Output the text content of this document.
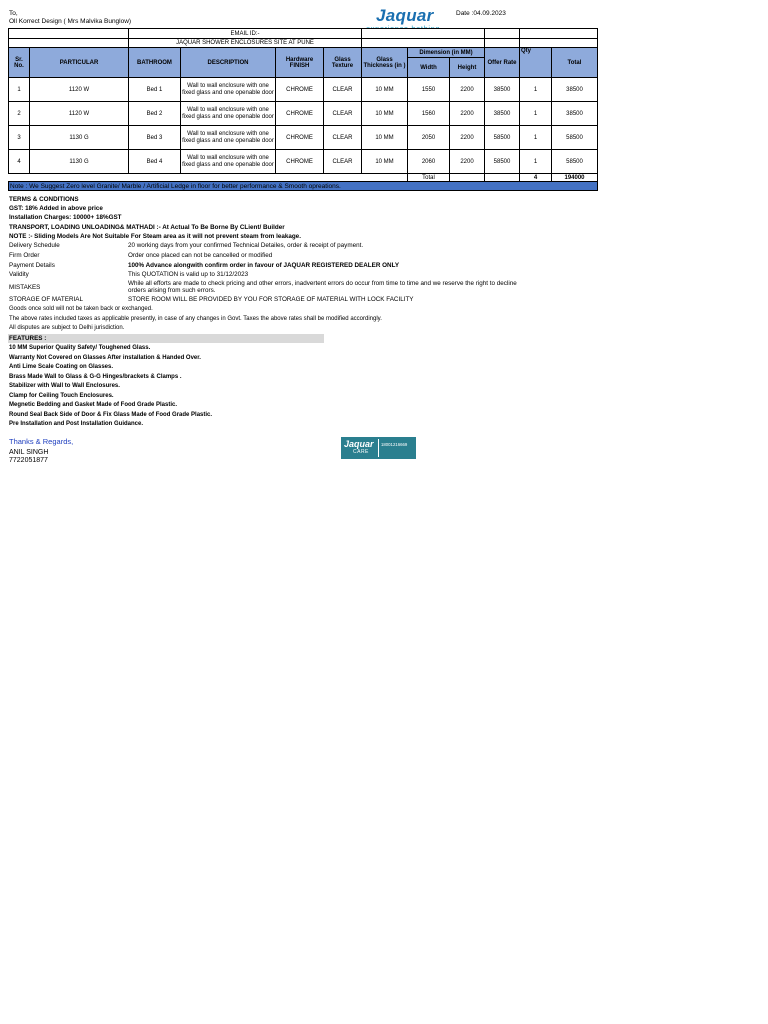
To,
Oll Korrect Design ( Mrs Malvika Bunglow)	Jaquar	Date :04.09.2023
		EMAIL ID:-									
		JAQUAR SHOWER ENCLOSURES SITE AT PUNE									
Sr. No.	PARTICULAR	BATHROOM	DESCRIPTION	Hardware FINISH	Glass Texture	Glass Thickness (in )	Dimension (in MM)		Offer Rate	Qty	Total
							Width	Height			
1	1120 W	Bed 1	Wall to wall enclosure with one fixed glass and one openable door	CHROME	CLEAR	10 MM	1550	2200	38500	1	38500
2	1120 W	Bed 2	Wall to wall enclosure with one fixed glass and one openable door	CHROME	CLEAR	10 MM	1560	2200	38500	1	38500
3	1130 G	Bed 3	Wall to wall enclosure with one fixed glass and one openable door	CHROME	CLEAR	10 MM	2050	2200	58500	1	58500
4	1130 G	Bed 4	Wall to wall enclosure with one fixed glass and one openable door	CHROME	CLEAR	10 MM	2060	2200	58500	1	58500
							Total			4	194000
Note : We Suggest Zero level Granite/ Marble / Artificial Ledge in floor for better performance & Smooth opreations.											
TERMS & CONDITIONS
GST: 18% Added in above price
Installation Charges: 10000+ 18%GST
TRANSPORT, LOADING UNLOADING& MATHADI :- At Actual To Be Borne By CLient/ Builder
NOTE :- Sliding Models Are Not Suitable For Steam area as it will not prevent steam from leakage.
Delivery Schedule	20 working days from your confirmed Technical Detailes, order & receipt of payment.
Firm Order	Order once placed can not be cancelled or modified
Payment Details	100% Advance alongwith confirm order in favour of JAQUAR REGISTERED DEALER ONLY
Validity	This QUOTATION is valid up to 31/12/2023
MISTAKES
While all efforts are made to check pricing and other errors, inadvertent errors do occur from time to time and we reserve the right to decline orders arising from such errors.
STORAGE OF MATERIAL	STORE ROOM WILL BE PROVIDED BY YOU FOR STORAGE OF MATERIAL WITH LOCK FACILITY
Goods once sold will not be taken back or exchanged.
The above rates included taxes as applicable presently, in case of any changes in Govt. Taxes the above rates shall be modified accordingly.
All disputes are subject to Delhi jurisdiction.
FEATURES :
10 MM Superior Quality Safety/ Toughened Glass.
Warranty Not Covered on Glasses After installation & Handed Over.
Anti Lime Scale Coating on Glasses.
Brass Made Wall to Glass & G-G Hinges/brackets & Clamps .
Stabilizer with Wall to Wall Enclosures.
Clamp for Ceiling Touch Enclosures.
Megnetic Bedding and Gasket Made of Food Grade Plastic.
Round Seal Back Side of Door & Fix Glass Made of Food Grade Plastic.
Pre Installation and Post Installation Guidance.
Thanks & Regards,
ANIL SINGH
7722051877
Jaquar
CARE
18001216669
